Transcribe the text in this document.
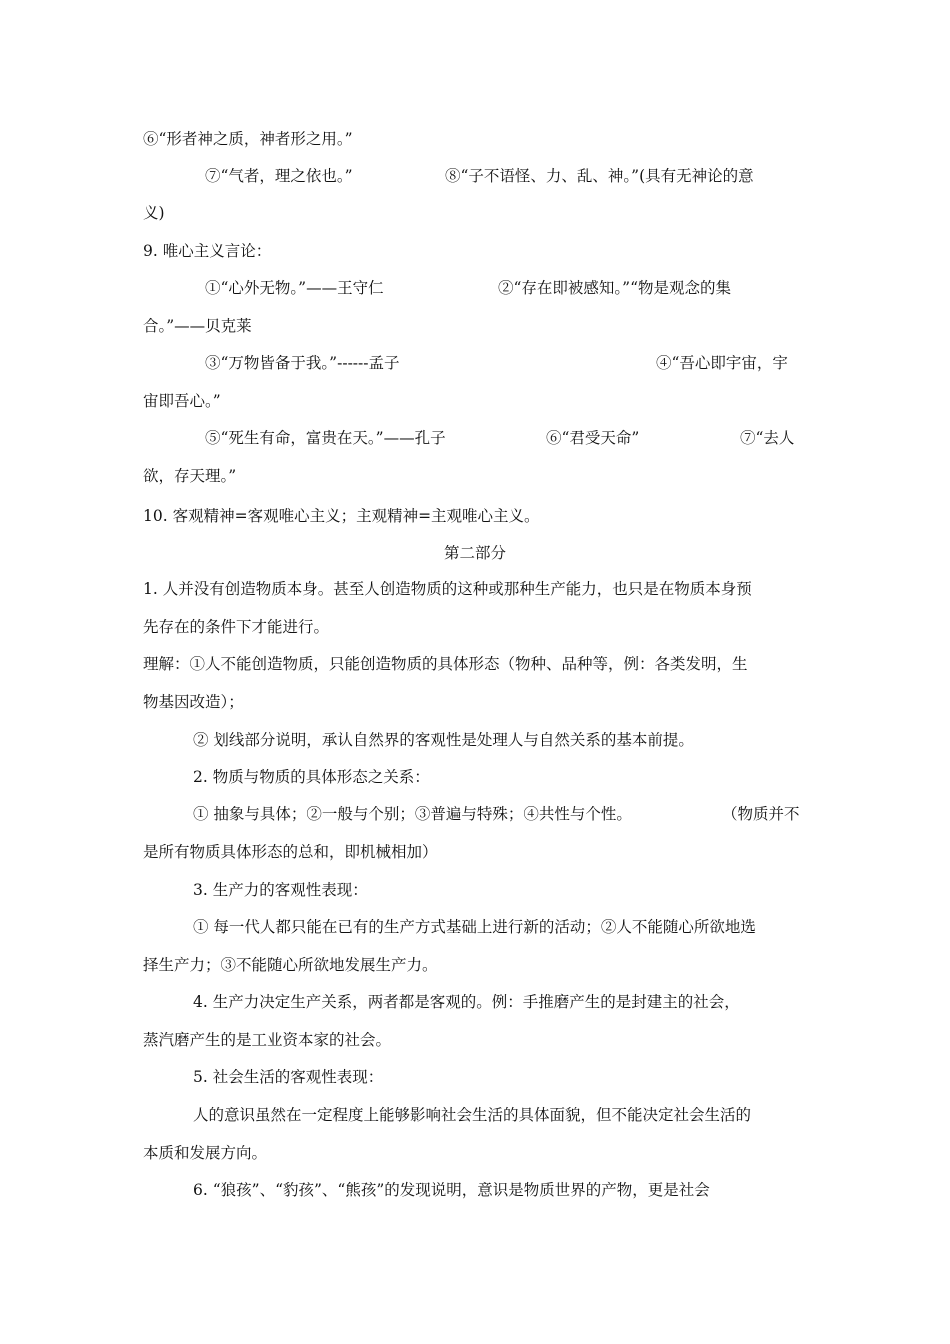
⑥“形者神之质，神者形之用。”
⑦“气者，理之依也。”	⑧“子不语怪、力、乱、神。”(具有无神论的意
义)
9. 唯心主义言论：
①“心外无物。”——王守仁	②“存在即被感知。”“物是观念的集
合。”——贝克莱
③“万物皆备于我。”------孟子	④“吾心即宇宙，宇
宙即吾心。”
⑤“死生有命，富贵在天。”——孔子	⑥“君受天命”	⑦“去人
欲，存天理。”
10. 客观精神=客观唯心主义；主观精神=主观唯心主义。
第二部分
1. 人并没有创造物质本身。甚至人创造物质的这种或那种生产能力，也只是在物质本身预
先存在的条件下才能进行。
理解：①人不能创造物质，只能创造物质的具体形态（物种、品种等，例：各类发明，生
物基因改造）；
② 划线部分说明，承认自然界的客观性是处理人与自然关系的基本前提。
2. 物质与物质的具体形态之关系：
① 抽象与具体；②一般与个别；③普遍与特殊；④共性与个性。	（物质并不
是所有物质具体形态的总和，即机械相加）
3. 生产力的客观性表现：
① 每一代人都只能在已有的生产方式基础上进行新的活动；②人不能随心所欲地选
择生产力；③不能随心所欲地发展生产力。
4. 生产力决定生产关系，两者都是客观的。例：手推磨产生的是封建主的社会，
蒸汽磨产生的是工业资本家的社会。
5. 社会生活的客观性表现：
人的意识虽然在一定程度上能够影响社会生活的具体面貌，但不能决定社会生活的
本质和发展方向。
6. “狼孩”、“豹孩”、“熊孩”的发现说明，意识是物质世界的产物，更是社会
